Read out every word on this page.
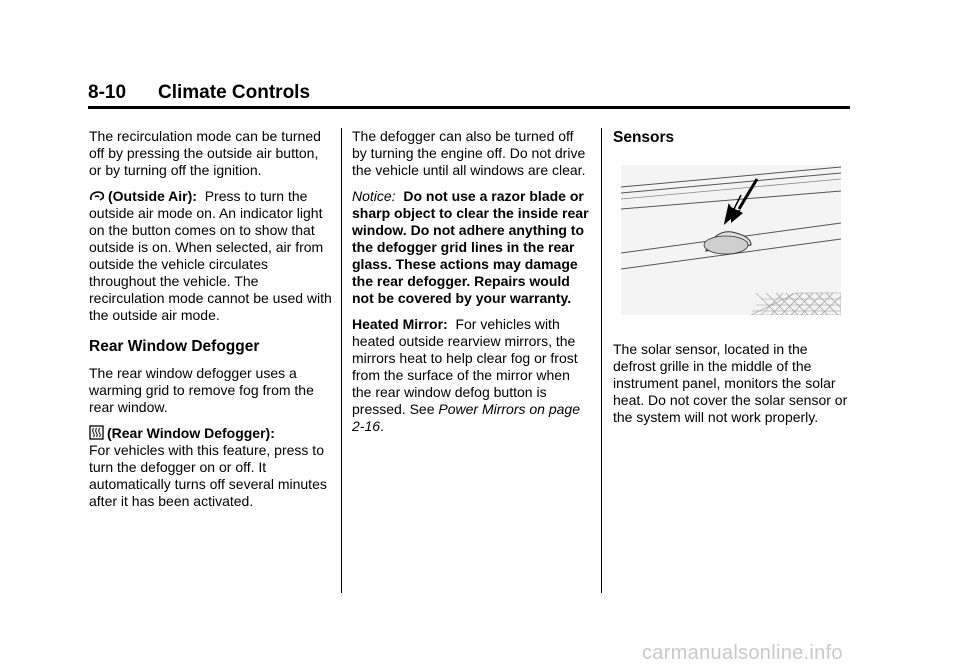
8-10 Climate Controls

The recirculation mode can be turned off by pressing the outside air button, or by turning off the ignition.

(Outside Air): Press to turn the outside air mode on. An indicator light on the button comes on to show that outside is on. When selected, air from outside the vehicle circulates throughout the vehicle. The recirculation mode cannot be used with the outside air mode.

Rear Window Defogger

The rear window defogger uses a warming grid to remove fog from the rear window.

(Rear Window Defogger):
For vehicles with this feature, press to turn the defogger on or off. It automatically turns off several minutes after it has been activated.

The defogger can also be turned off by turning the engine off. Do not drive the vehicle until all windows are clear.

Notice: Do not use a razor blade or sharp object to clear the inside rear window. Do not adhere anything to the defogger grid lines in the rear glass. These actions may damage the rear defogger. Repairs would not be covered by your warranty.

Heated Mirror: For vehicles with heated outside rearview mirrors, the mirrors heat to help clear fog or frost from the surface of the mirror when the rear window defog button is pressed. See Power Mirrors on page 2-16.

Sensors

The solar sensor, located in the defrost grille in the middle of the instrument panel, monitors the solar heat. Do not cover the solar sensor or the system will not work properly.

carmanualsonline.info
